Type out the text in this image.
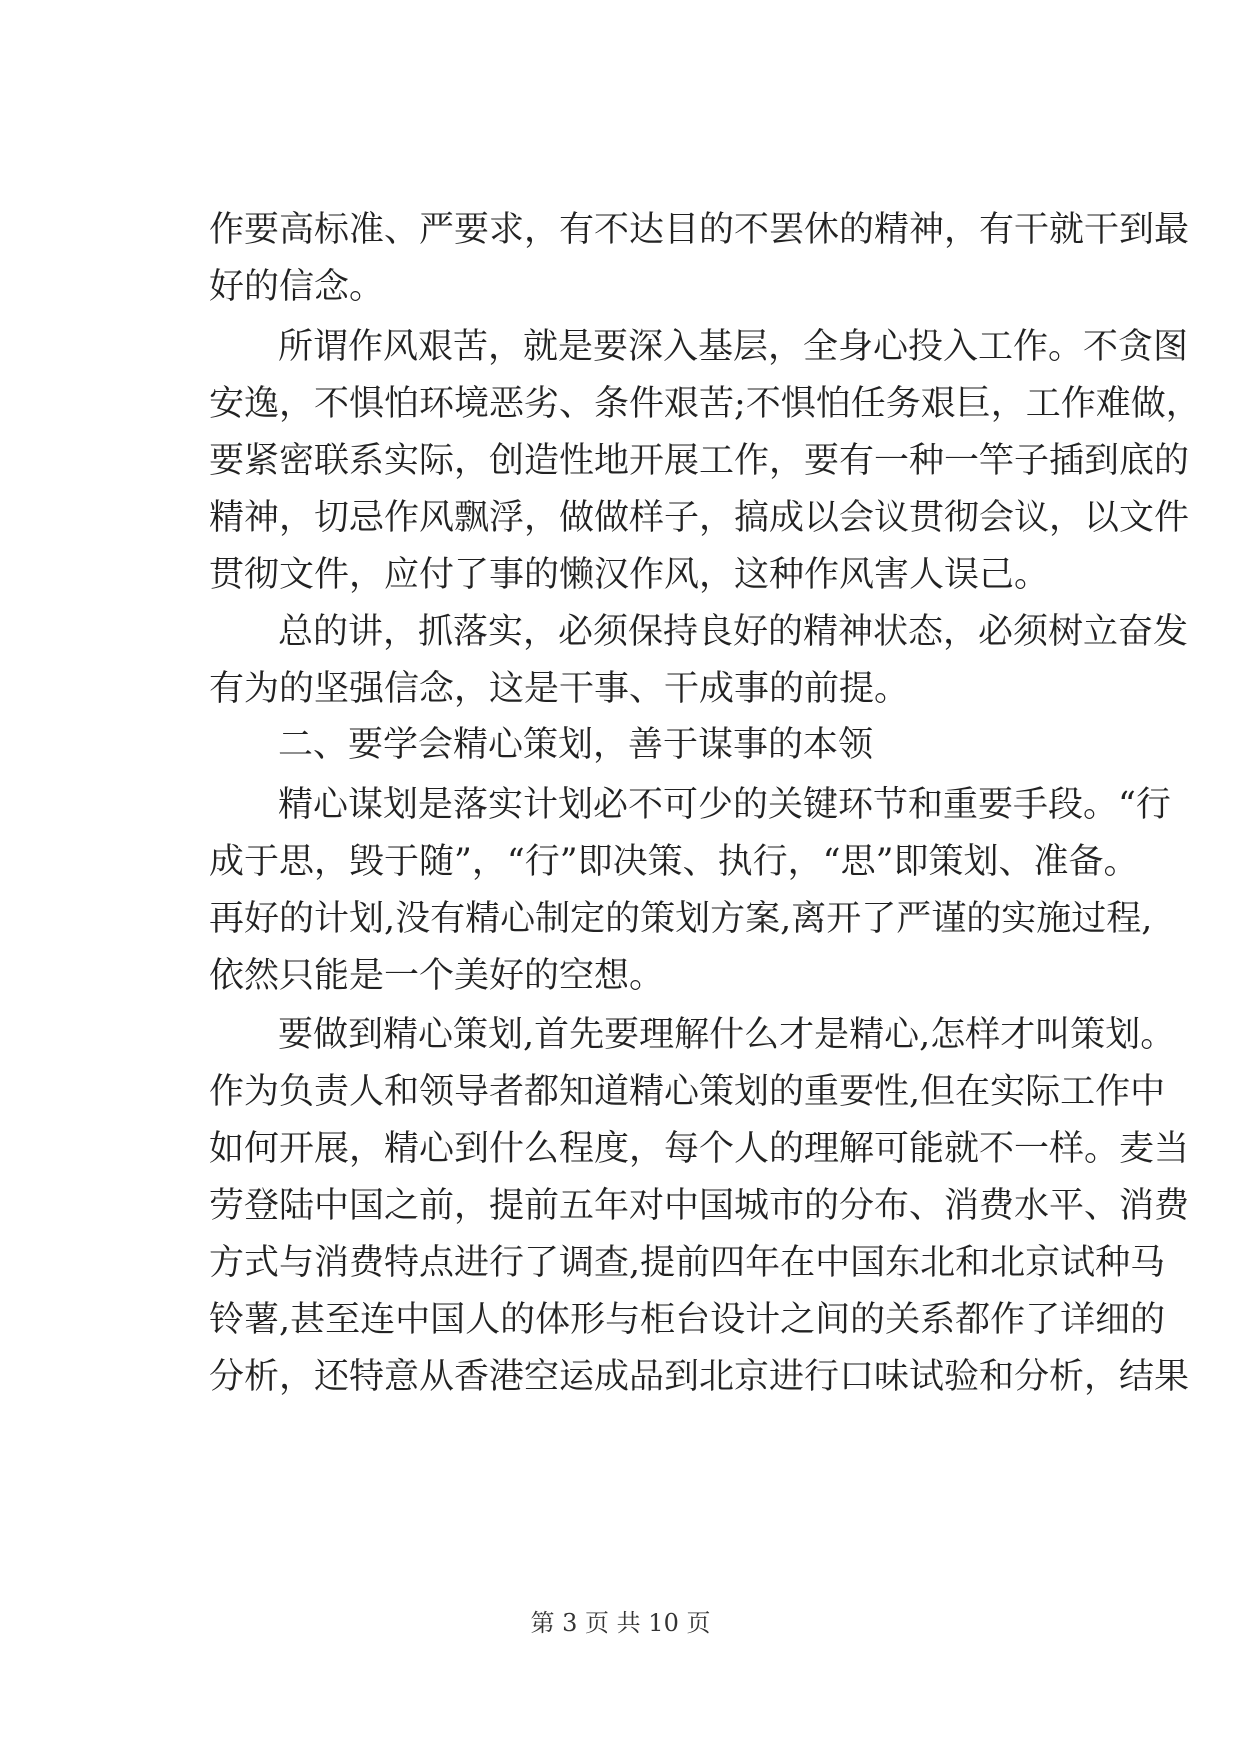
作要高标准、严要求，有不达目的不罢休的精神，有干就干到最
好的信念。
所谓作风艰苦，就是要深入基层，全身心投入工作。不贪图
安逸，不惧怕环境恶劣、条件艰苦;不惧怕任务艰巨，工作难做，
要紧密联系实际，创造性地开展工作，要有一种一竿子插到底的
精神，切忌作风飘浮，做做样子，搞成以会议贯彻会议，以文件
贯彻文件，应付了事的懒汉作风，这种作风害人误己。
总的讲，抓落实，必须保持良好的精神状态，必须树立奋发
有为的坚强信念，这是干事、干成事的前提。
二、要学会精心策划，善于谋事的本领
精心谋划是落实计划必不可少的关键环节和重要手段。“行
成于思，毁于随”，“行”即决策、执行，“思”即策划、准备。
再好的计划,没有精心制定的策划方案,离开了严谨的实施过程,
依然只能是一个美好的空想。
要做到精心策划,首先要理解什么才是精心,怎样才叫策划。
作为负责人和领导者都知道精心策划的重要性,但在实际工作中
如何开展，精心到什么程度，每个人的理解可能就不一样。麦当
劳登陆中国之前，提前五年对中国城市的分布、消费水平、消费
方式与消费特点进行了调查,提前四年在中国东北和北京试种马
铃薯,甚至连中国人的体形与柜台设计之间的关系都作了详细的
分析，还特意从香港空运成品到北京进行口味试验和分析，结果
第 3 页 共 10 页
